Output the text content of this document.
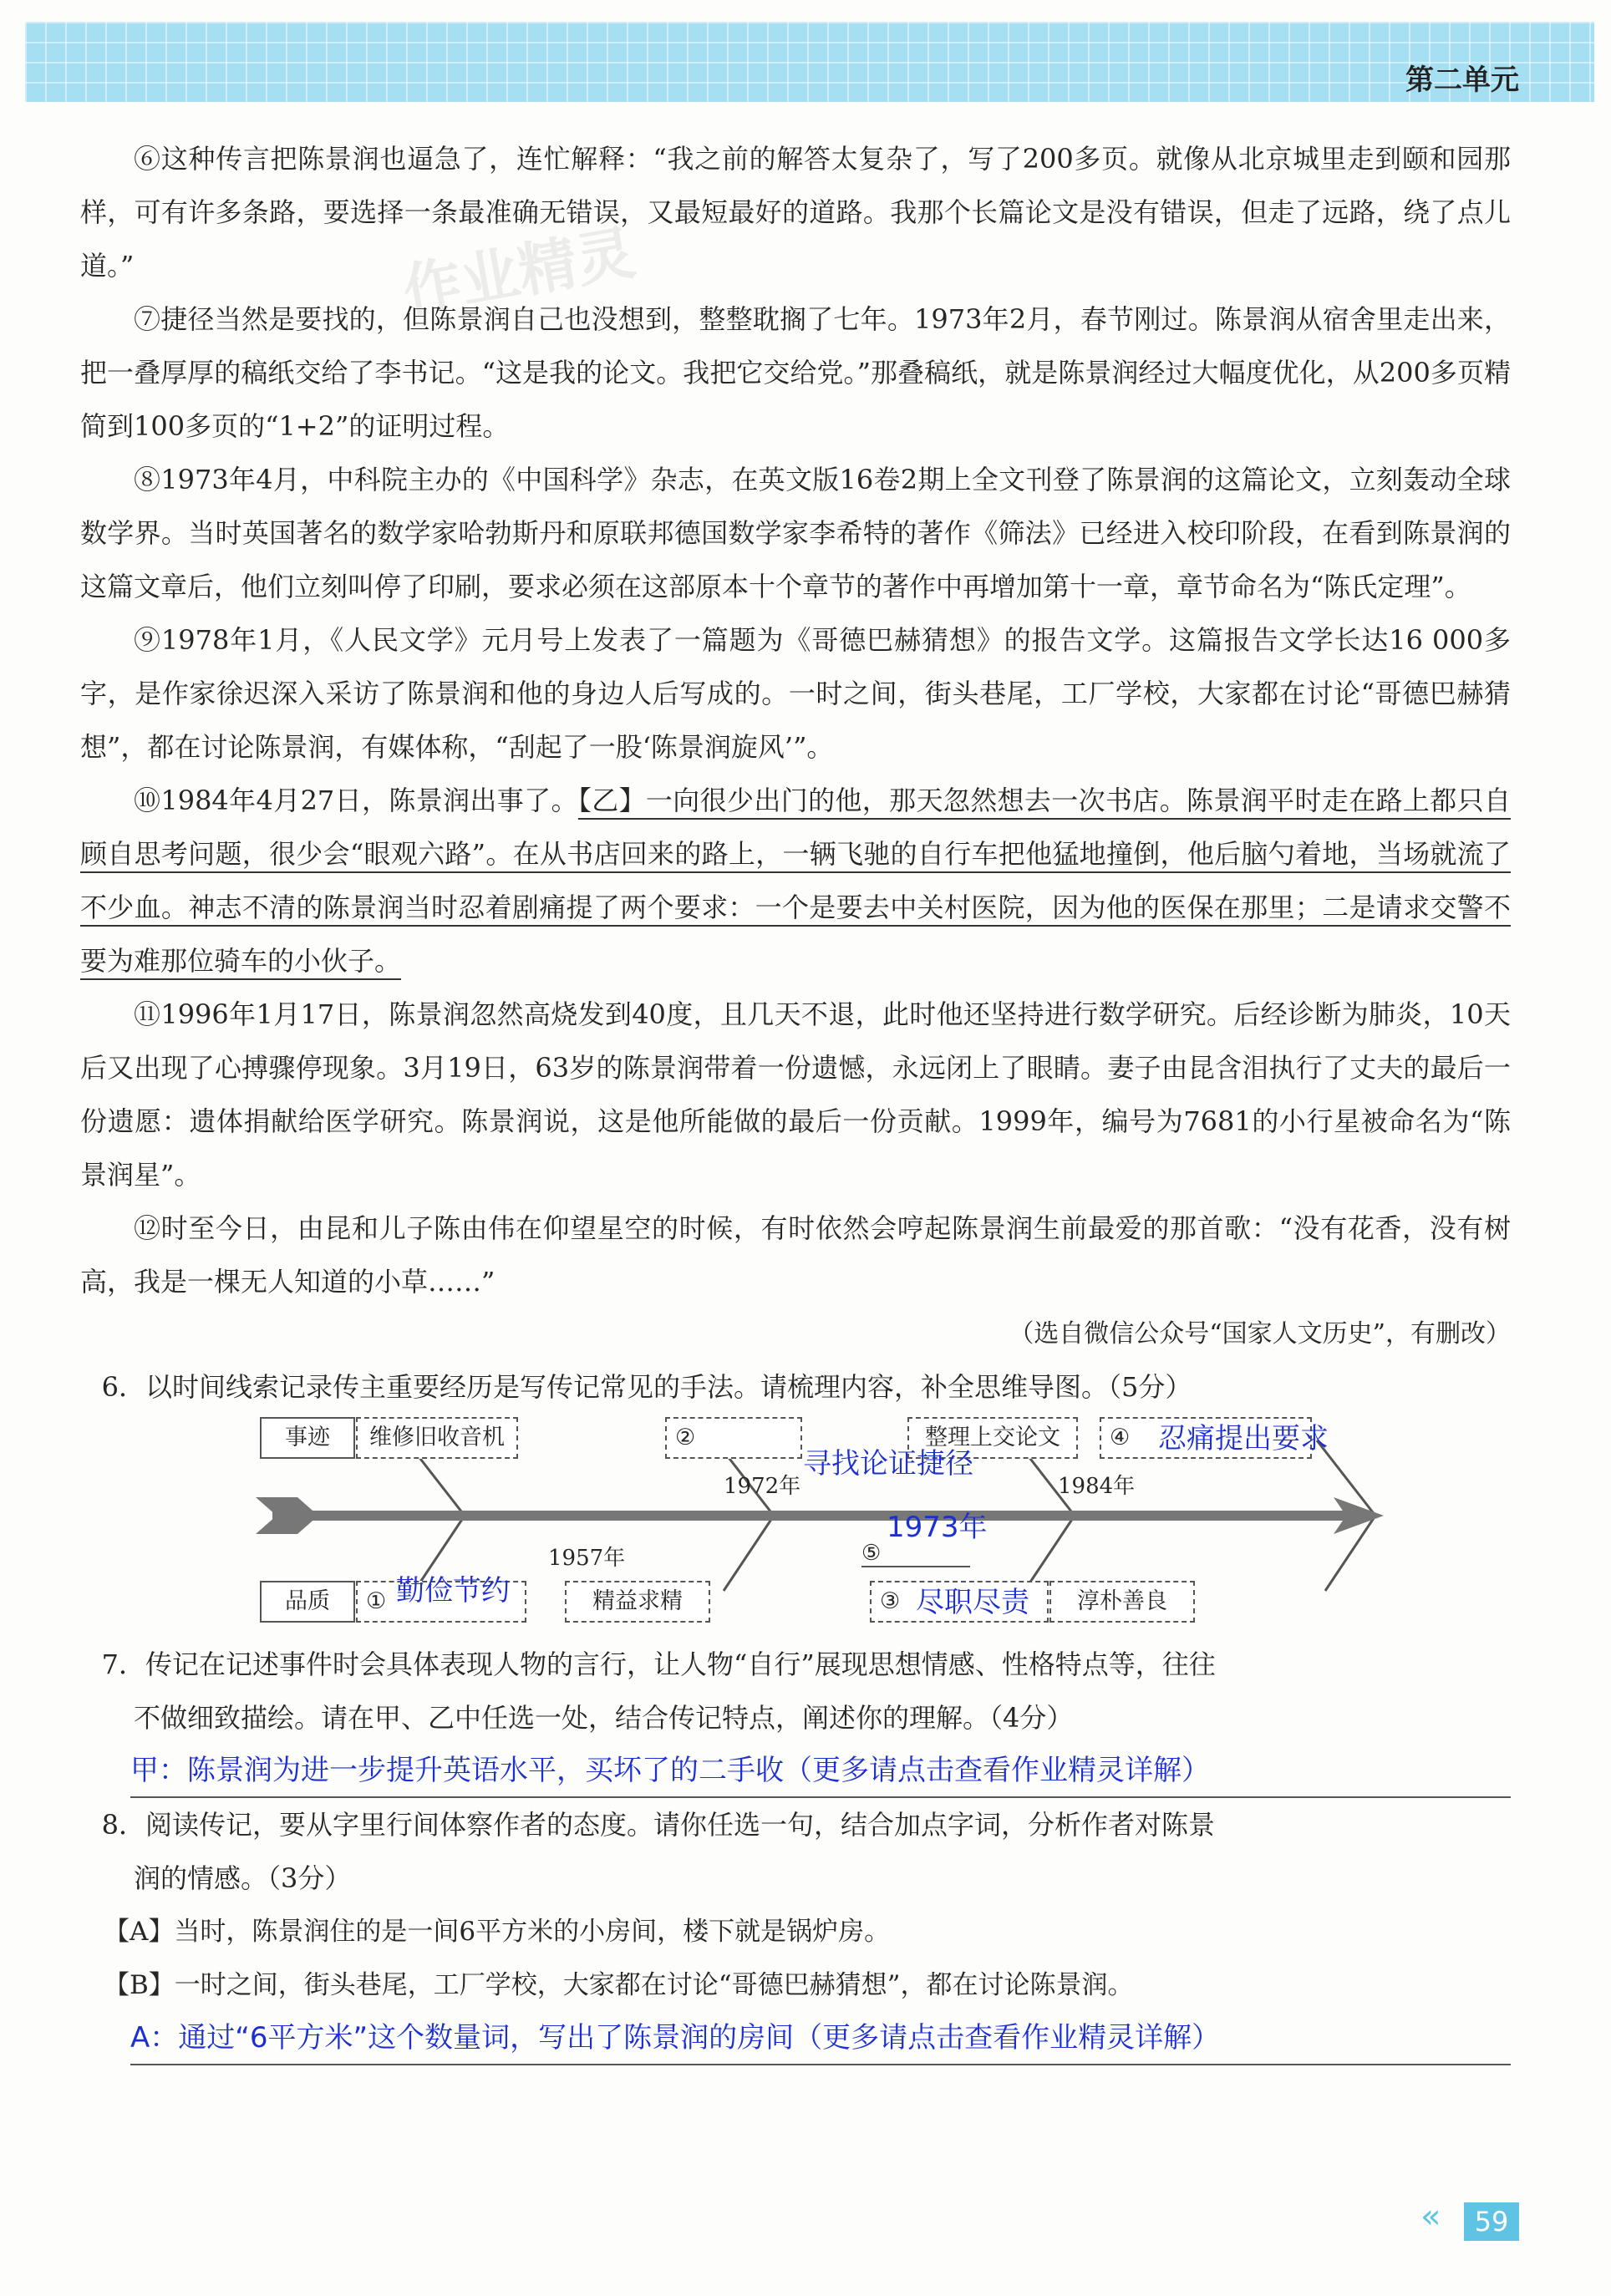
第二单元
作业精灵

⑥这种传言把陈景润也逼急了，连忙解释：“我之前的解答太复杂了，写了200多页。就像从北京城里走到颐和园那样，可有许多条路，要选择一条最准确无错误，又最短最好的道路。我那个长篇论文是没有错误，但走了远路，绕了点儿道。”

⑦捷径当然是要找的，但陈景润自己也没想到，整整耽搁了七年。1973年2月，春节刚过。陈景润从宿舍里走出来，把一叠厚厚的稿纸交给了李书记。“这是我的论文。我把它交给党。”那叠稿纸，就是陈景润经过大幅度优化，从200多页精简到100多页的“1+2”的证明过程。

⑧1973年4月，中科院主办的《中国科学》杂志，在英文版16卷2期上全文刊登了陈景润的这篇论文，立刻轰动全球数学界。当时英国著名的数学家哈勃斯丹和原联邦德国数学家李希特的著作《筛法》已经进入校印阶段，在看到陈景润的这篇文章后，他们立刻叫停了印刷，要求必须在这部原本十个章节的著作中再增加第十一章，章节命名为“陈氏定理”。

⑨1978年1月，《人民文学》元月号上发表了一篇题为《哥德巴赫猜想》的报告文学。这篇报告文学长达16 000多字，是作家徐迟深入采访了陈景润和他的身边人后写成的。一时之间，街头巷尾，工厂学校，大家都在讨论“哥德巴赫猜想”，都在讨论陈景润，有媒体称，“刮起了一股‘陈景润旋风’”。

⑩1984年4月27日，陈景润出事了。【乙】一向很少出门的他，那天忽然想去一次书店。陈景润平时走在路上都只自顾自思考问题，很少会“眼观六路”。在从书店回来的路上，一辆飞驰的自行车把他猛地撞倒，他后脑勺着地，当场就流了不少血。神志不清的陈景润当时忍着剧痛提了两个要求：一个是要去中关村医院，因为他的医保在那里；二是请求交警不要为难那位骑车的小伙子。

⑪1996年1月17日，陈景润忽然高烧发到40度，且几天不退，此时他还坚持进行数学研究。后经诊断为肺炎，10天后又出现了心搏骤停现象。3月19日，63岁的陈景润带着一份遗憾，永远闭上了眼睛。妻子由昆含泪执行了丈夫的最后一份遗愿：遗体捐献给医学研究。陈景润说，这是他所能做的最后一份贡献。1999年，编号为7681的小行星被命名为“陈景润星”。

⑫时至今日，由昆和儿子陈由伟在仰望星空的时候，有时依然会哼起陈景润生前最爱的那首歌：“没有花香，没有树高，我是一棵无人知道的小草……”

（选自微信公众号“国家人文历史”，有删改）

6．以时间线索记录传主重要经历是写传记常见的手法。请梳理内容，补全思维导图。（5分）

事迹	维修旧收音机	②	整理上交论文	④
1957年
1972年	1984年
⑤
品质	①	精益求精	③	淳朴善良
寻找论证捷径
忍痛提出要求
1973年
勤俭节约	尽职尽责

7．传记在记述事件时会具体表现人物的言行，让人物“自行”展现思想情感、性格特点等，往往

不做细致描绘。请在甲、乙中任选一处，结合传记特点，阐述你的理解。（4分）

甲：陈景润为进一步提升英语水平，买坏了的二手收（更多请点击查看作业精灵详解）

8．阅读传记，要从字里行间体察作者的态度。请你任选一句，结合加点字词，分析作者对陈景

润的情感。（3分）

【A】当时，陈景润住的是一间6平方米的小房间，楼下就是锅炉房。

【B】一时之间，街头巷尾，工厂学校，大家都在讨论“哥德巴赫猜想”，都在讨论陈景润。

A：通过“6平方米”这个数量词，写出了陈景润的房间（更多请点击查看作业精灵详解）

«	59
